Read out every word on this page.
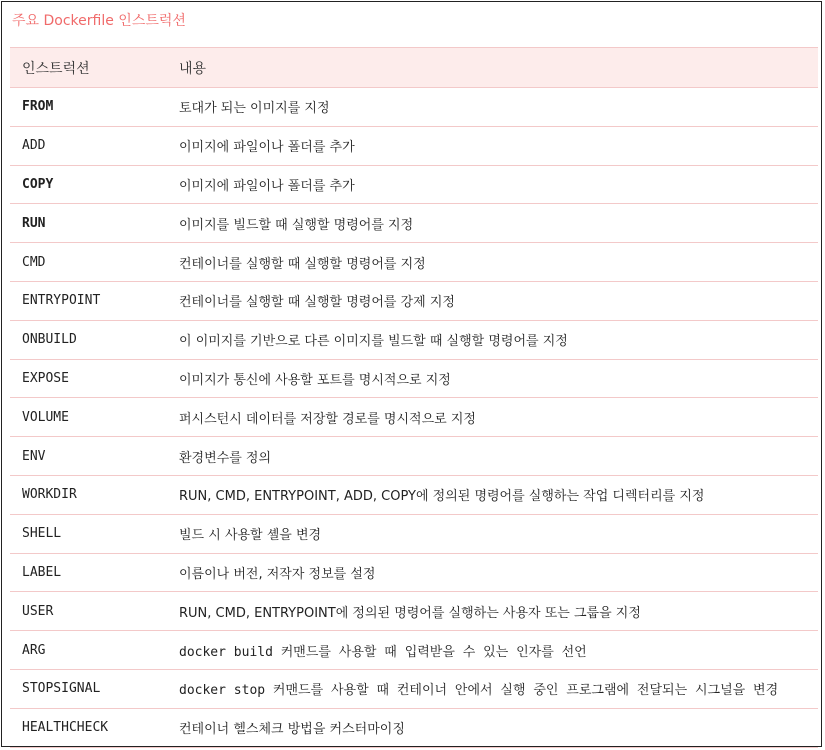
주요 Dockerfile 인스트럭션
인스트럭션	내용
FROM	토대가 되는 이미지를 지정
ADD	이미지에 파일이나 폴더를 추가
COPY	이미지에 파일이나 폴더를 추가
RUN	이미지를 빌드할 때 실행할 명령어를 지정
CMD	컨테이너를 실행할 때 실행할 명령어를 지정
ENTRYPOINT	컨테이너를 실행할 때 실행할 명령어를 강제 지정
ONBUILD	이 이미지를 기반으로 다른 이미지를 빌드할 때 실행할 명령어를 지정
EXPOSE	이미지가 통신에 사용할 포트를 명시적으로 지정
VOLUME	퍼시스턴시 데이터를 저장할 경로를 명시적으로 지정
ENV	환경변수를 정의
WORKDIR	RUN, CMD, ENTRYPOINT, ADD, COPY에 정의된 명령어를 실행하는 작업 디렉터리를 지정
SHELL	빌드 시 사용할 셸을 변경
LABEL	이름이나 버전, 저작자 정보를 설정
USER	RUN, CMD, ENTRYPOINT에 정의된 명령어를 실행하는 사용자 또는 그룹을 지정
ARG	docker build 커맨드를 사용할 때 입력받을 수 있는 인자를 선언
STOPSIGNAL	docker stop 커맨드를 사용할 때 컨테이너 안에서 실행 중인 프로그램에 전달되는 시그널을 변경
HEALTHCHECK	컨테이너 헬스체크 방법을 커스터마이징
